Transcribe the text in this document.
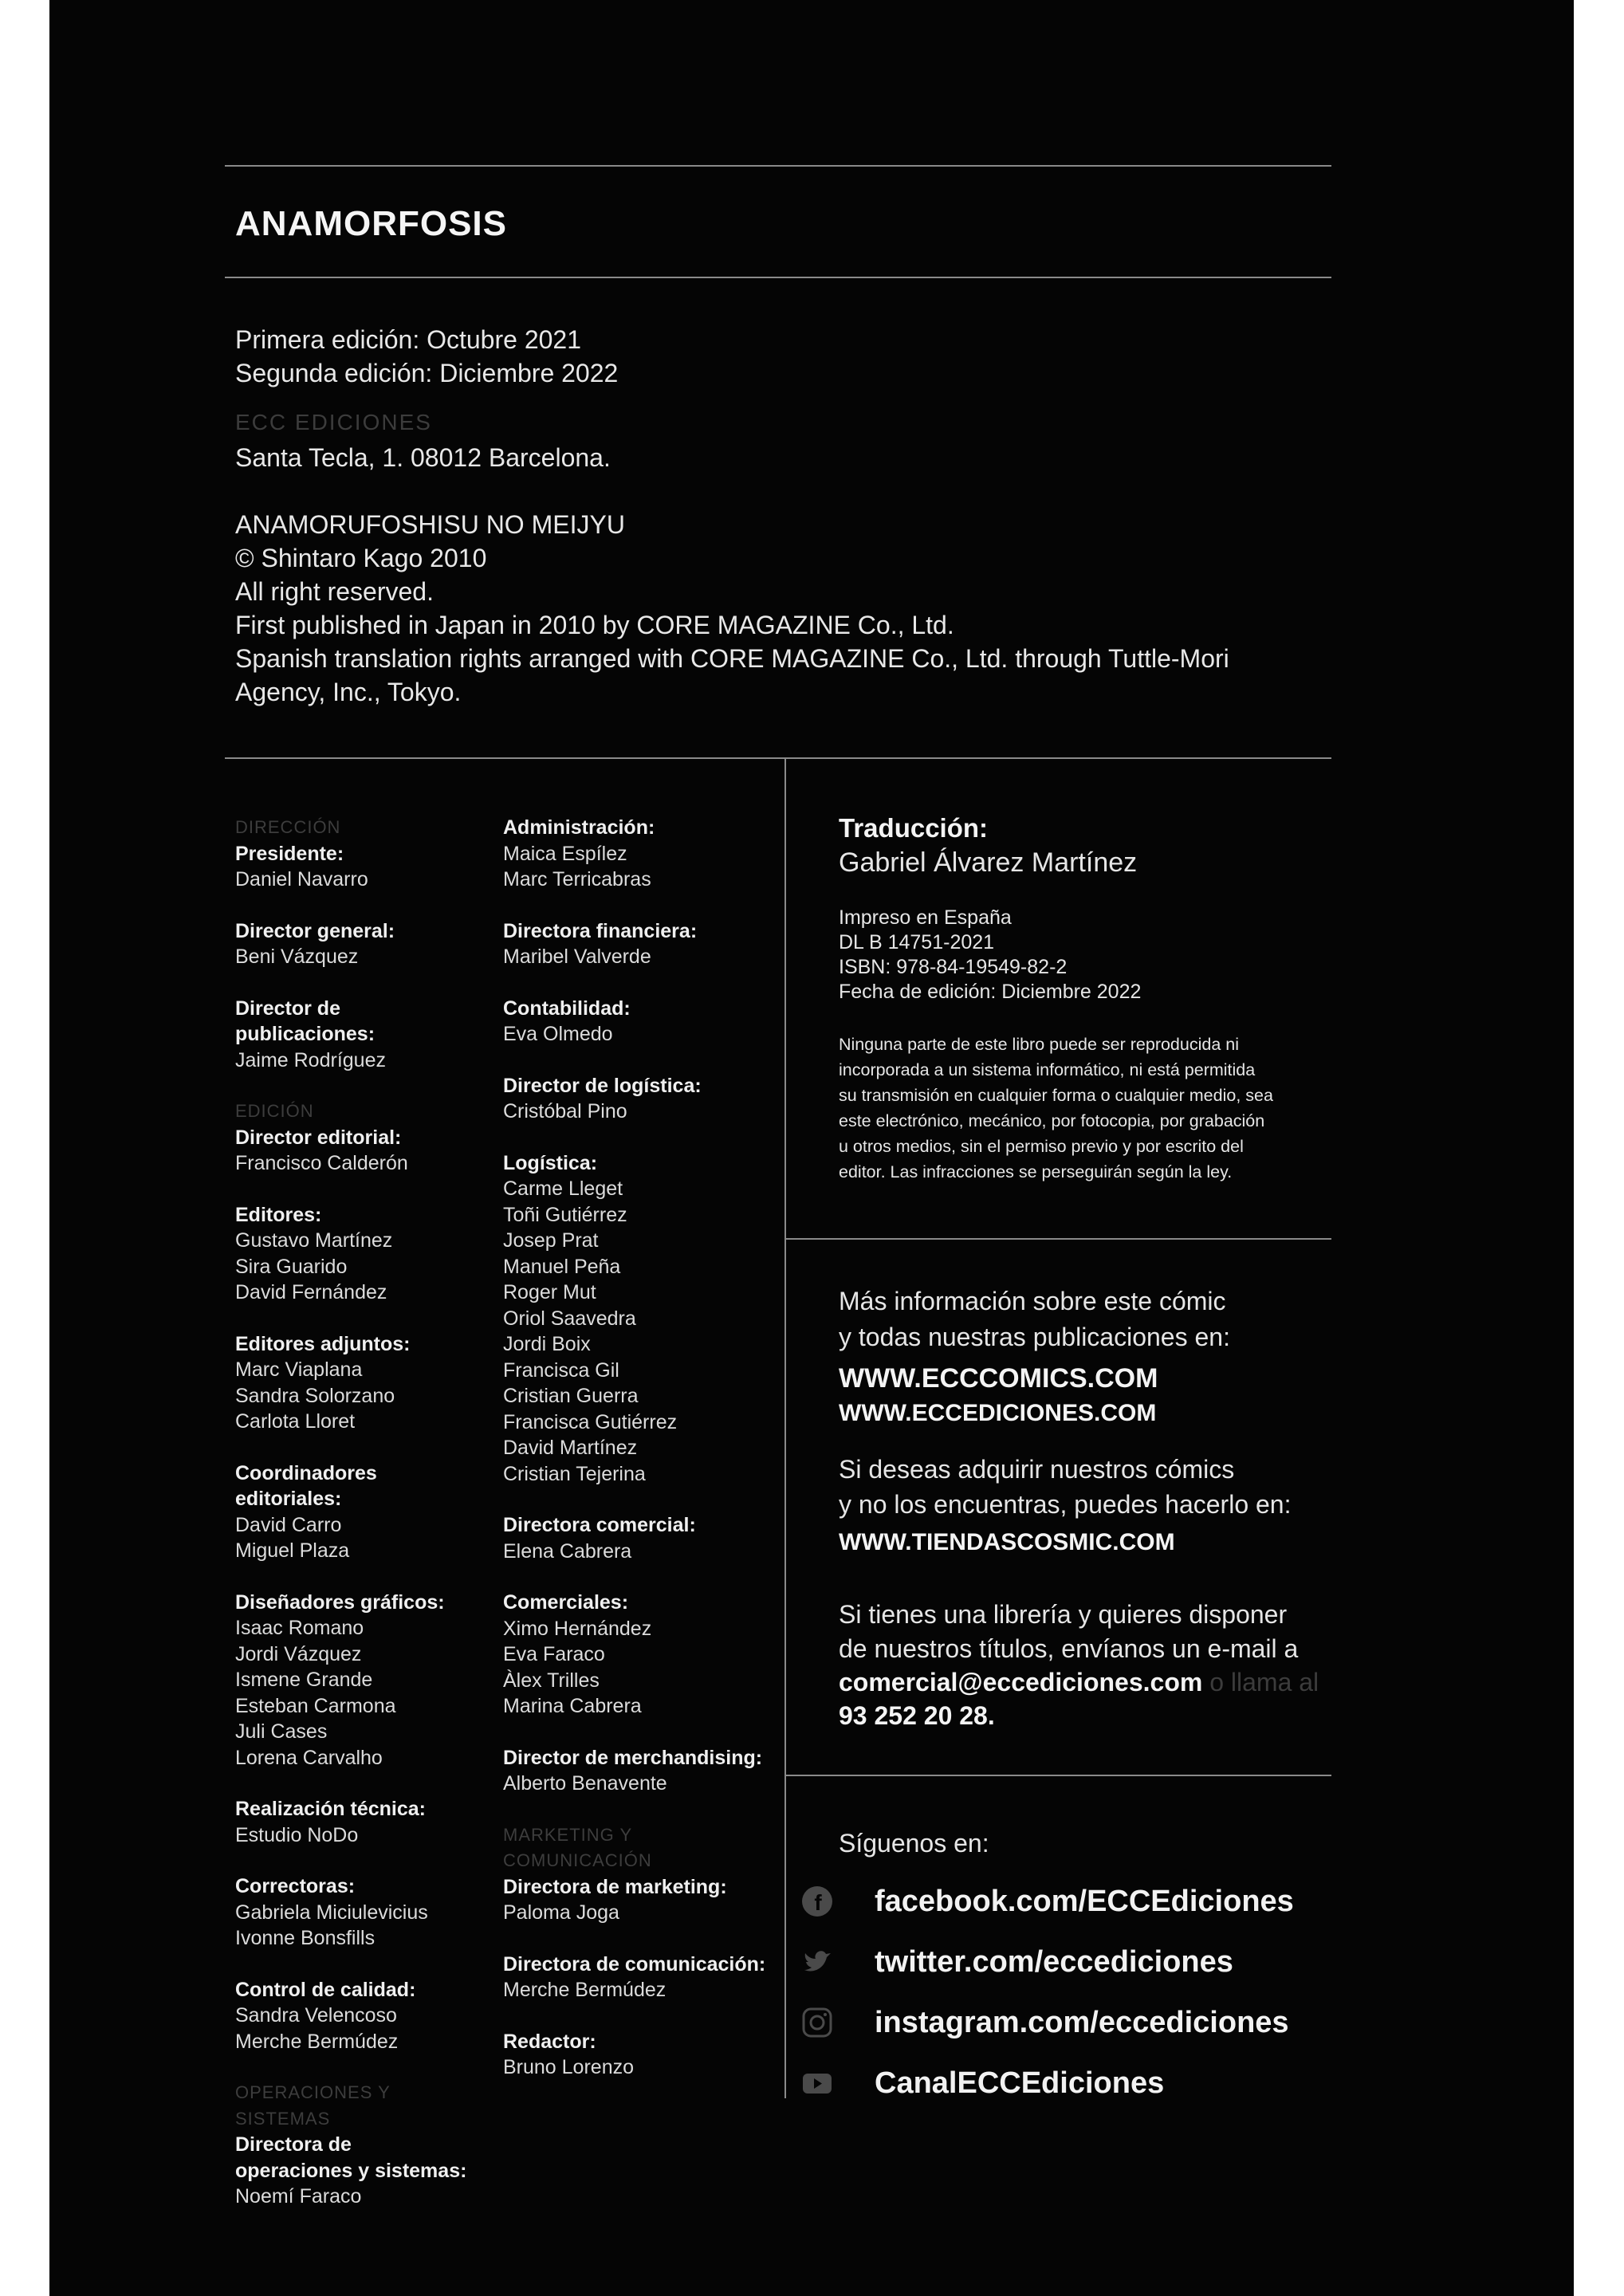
ANAMORFOSIS
Primera edición: Octubre 2021
Segunda edición: Diciembre 2022
ECC EDICIONES
Santa Tecla, 1. 08012 Barcelona.
ANAMORUFOSHISU NO MEIJYU
© Shintaro Kago 2010
All right reserved.
First published in Japan in 2010 by CORE MAGAZINE Co., Ltd.
Spanish translation rights arranged with CORE MAGAZINE Co., Ltd. through Tuttle-Mori
Agency, Inc., Tokyo.
DIRECCIÓN
Presidente:
Daniel Navarro
Director general:
Beni Vázquez
Director de publicaciones:
Jaime Rodríguez
EDICIÓN
Director editorial:
Francisco Calderón
Editores:
Gustavo Martínez
Sira Guarido
David Fernández
Editores adjuntos:
Marc Viaplana
Sandra Solorzano
Carlota Lloret
Coordinadores editoriales:
David Carro
Miguel Plaza
Diseñadores gráficos:
Isaac Romano
Jordi Vázquez
Ismene Grande
Esteban Carmona
Juli Cases
Lorena Carvalho
Realización técnica:
Estudio NoDo
Correctoras:
Gabriela Miciulevicius
Ivonne Bonsfills
Control de calidad:
Sandra Velencoso
Merche Bermúdez
OPERACIONES Y SISTEMAS
Directora de operaciones y sistemas:
Noemí Faraco
Administración:
Maica Espílez
Marc Terricabras
Directora financiera:
Maribel Valverde
Contabilidad:
Eva Olmedo
Director de logística:
Cristóbal Pino
Logística:
Carme Lleget
Toñi Gutiérrez
Josep Prat
Manuel Peña
Roger Mut
Oriol Saavedra
Jordi Boix
Francisca Gil
Cristian Guerra
Francisca Gutiérrez
David Martínez
Cristian Tejerina
Directora comercial:
Elena Cabrera
Comerciales:
Ximo Hernández
Eva Faraco
Àlex Trilles
Marina Cabrera
Director de merchandising:
Alberto Benavente
MARKETING Y COMUNICACIÓN
Directora de marketing:
Paloma Joga
Directora de comunicación:
Merche Bermúdez
Redactor:
Bruno Lorenzo
Traducción:
Gabriel Álvarez Martínez
Impreso en España
DL B 14751-2021
ISBN: 978-84-19549-82-2
Fecha de edición: Diciembre 2022
Ninguna parte de este libro puede ser reproducida ni
incorporada a un sistema informático, ni está permitida
su transmisión en cualquier forma o cualquier medio, sea
este electrónico, mecánico, por fotocopia, por grabación
u otros medios, sin el permiso previo y por escrito del
editor. Las infracciones se perseguirán según la ley.
Más información sobre este cómic
y todas nuestras publicaciones en:
WWW.ECCCOMICS.COM
WWW.ECCEDICIONES.COM
Si deseas adquirir nuestros cómics
y no los encuentras, puedes hacerlo en:
WWW.TIENDASCOSMIC.COM
Si tienes una librería y quieres disponer
de nuestros títulos, envíanos un e-mail a
comercial@eccediciones.com o llama al
93 252 20 28.
Síguenos en:
f facebook.com/ECCEdiciones
twitter.com/eccediciones
instagram.com/eccediciones
CanalECCEdiciones
